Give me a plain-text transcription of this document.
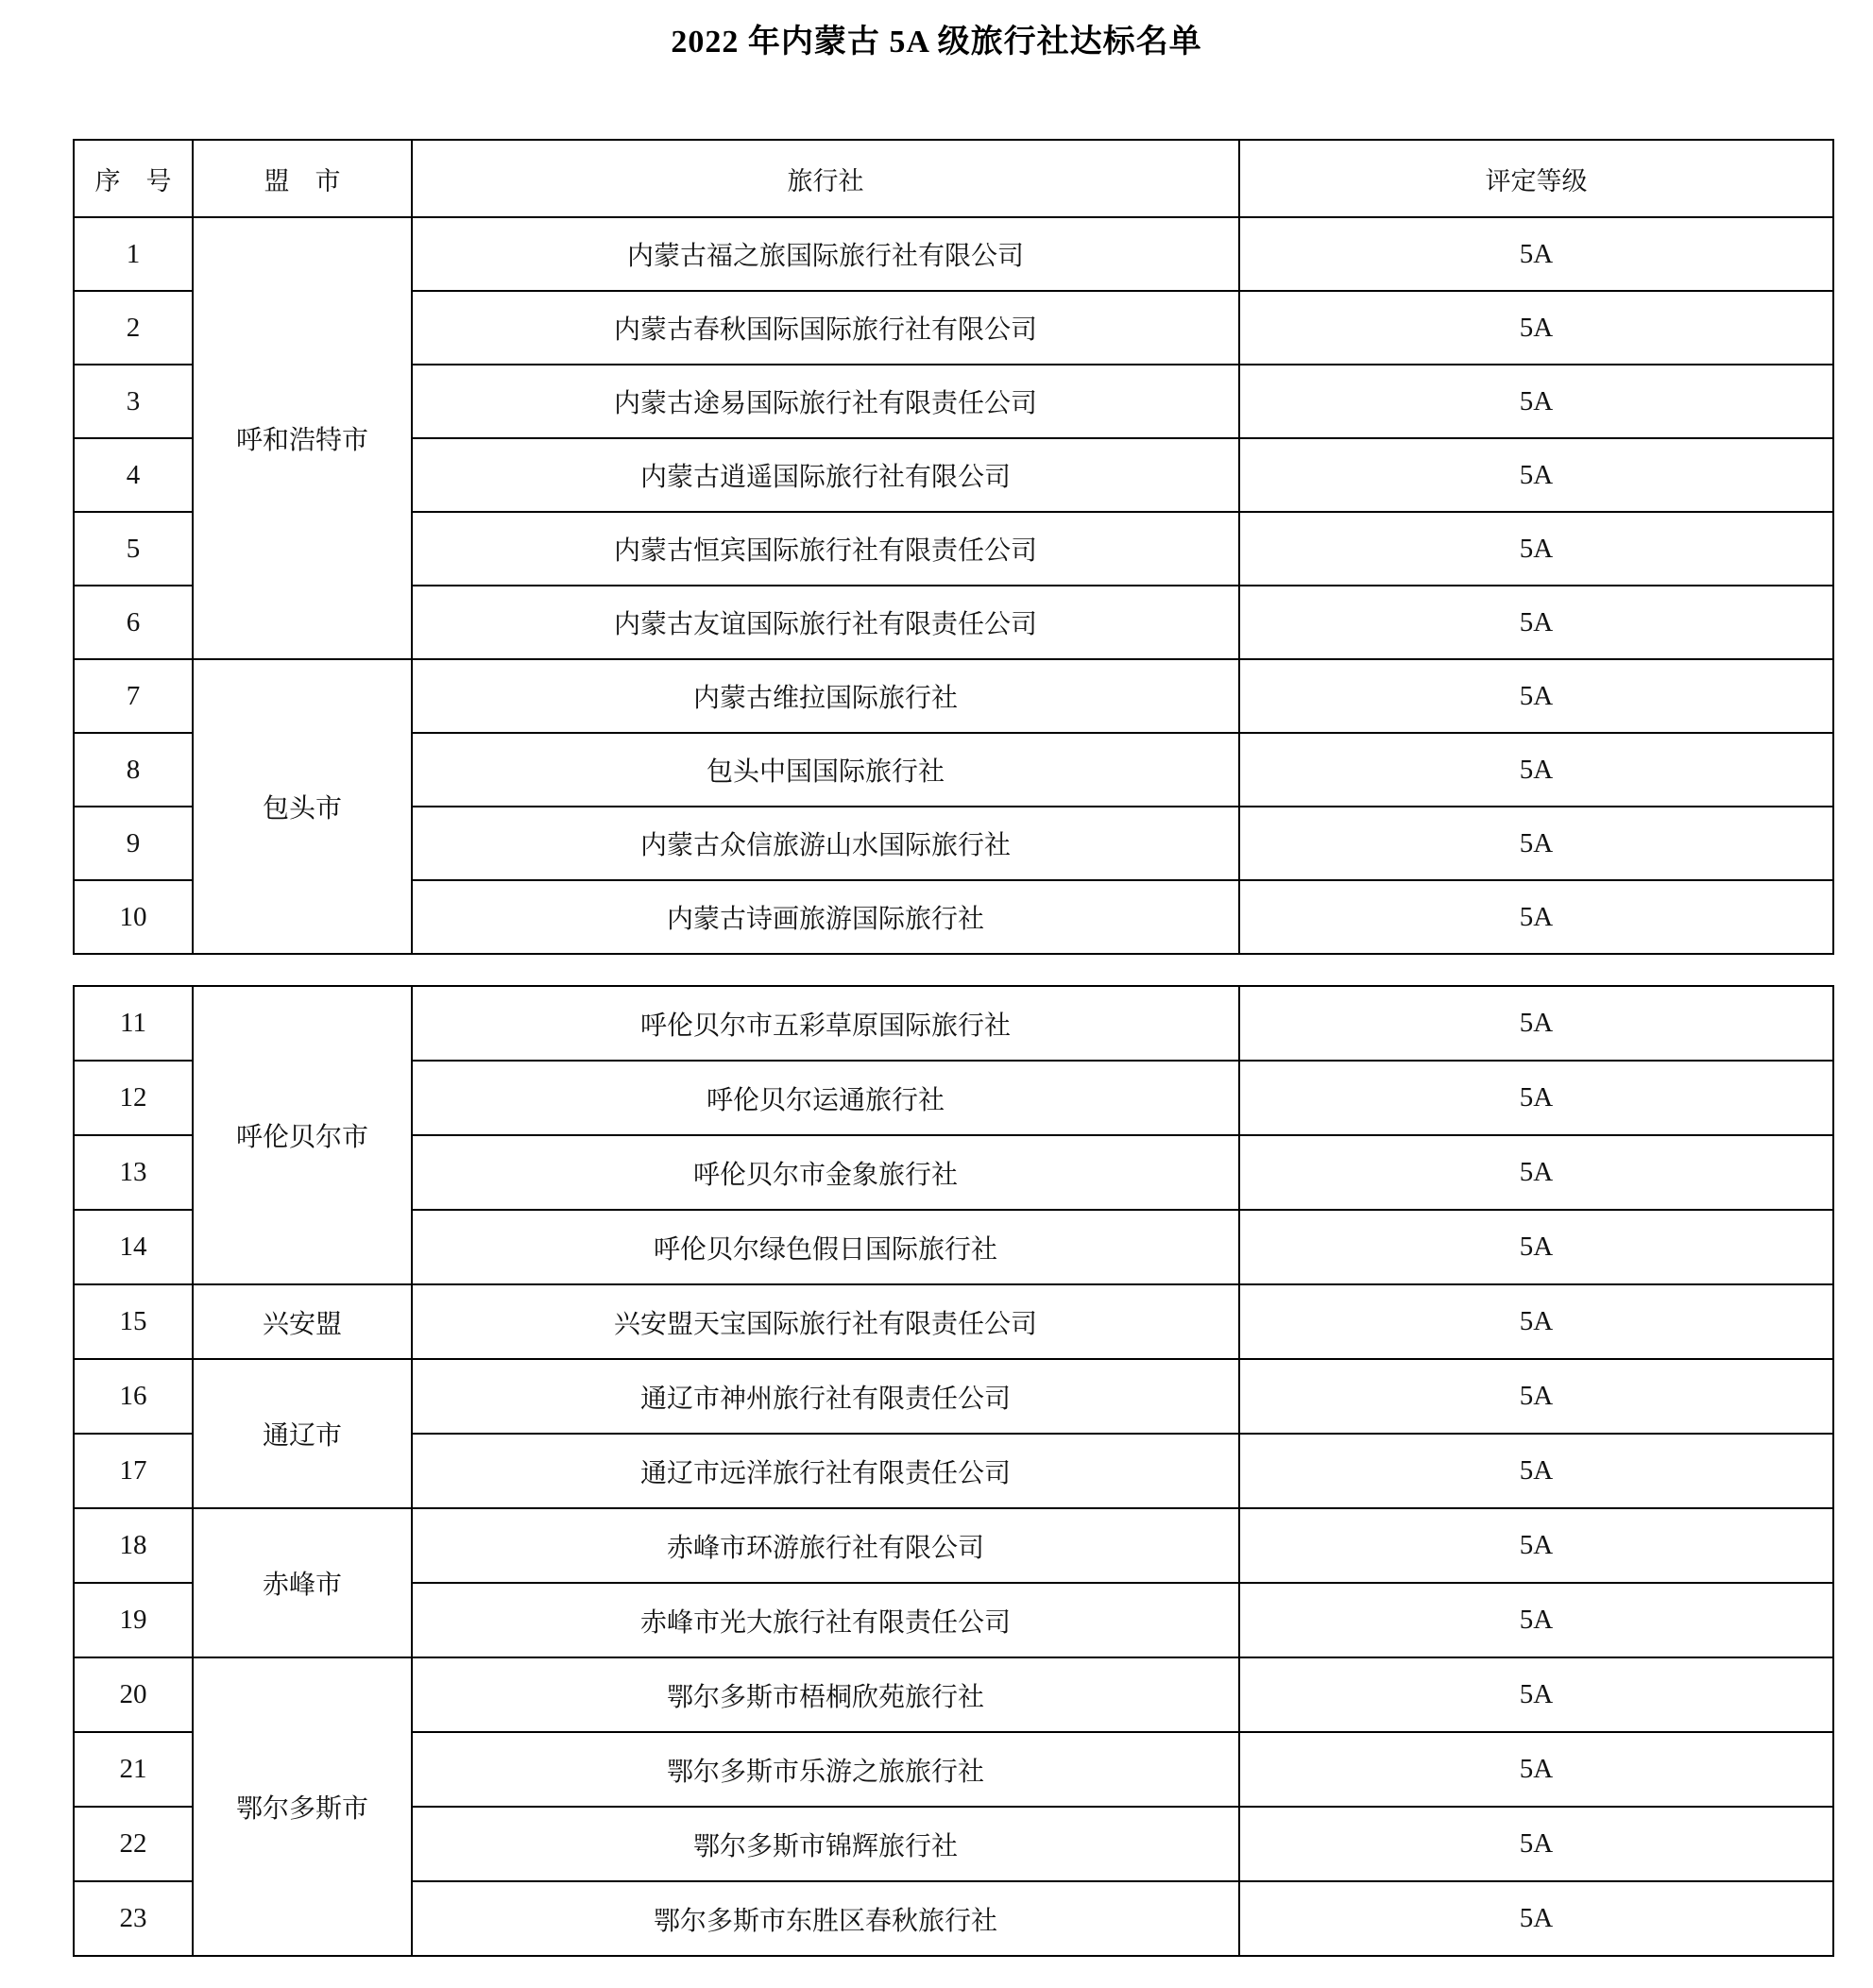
2022 年内蒙古 5A 级旅行社达标名单
序　号	盟　市	旅行社	评定等级
1	呼和浩特市	内蒙古福之旅国际旅行社有限公司	5A
2		内蒙古春秋国际国际旅行社有限公司	5A
3		内蒙古途易国际旅行社有限责任公司	5A
4		内蒙古逍遥国际旅行社有限公司	5A
5		内蒙古恒宾国际旅行社有限责任公司	5A
6		内蒙古友谊国际旅行社有限责任公司	5A
7	包头市	内蒙古维拉国际旅行社	5A
8		包头中国国际旅行社	5A
9		内蒙古众信旅游山水国际旅行社	5A
10		内蒙古诗画旅游国际旅行社	5A
11	呼伦贝尔市	呼伦贝尔市五彩草原国际旅行社	5A
12		呼伦贝尔运通旅行社	5A
13		呼伦贝尔市金象旅行社	5A
14		呼伦贝尔绿色假日国际旅行社	5A
15	兴安盟	兴安盟天宝国际旅行社有限责任公司	5A
16	通辽市	通辽市神州旅行社有限责任公司	5A
17		通辽市远洋旅行社有限责任公司	5A
18	赤峰市	赤峰市环游旅行社有限公司	5A
19		赤峰市光大旅行社有限责任公司	5A
20	鄂尔多斯市	鄂尔多斯市梧桐欣苑旅行社	5A
21		鄂尔多斯市乐游之旅旅行社	5A
22		鄂尔多斯市锦辉旅行社	5A
23		鄂尔多斯市东胜区春秋旅行社	5A
